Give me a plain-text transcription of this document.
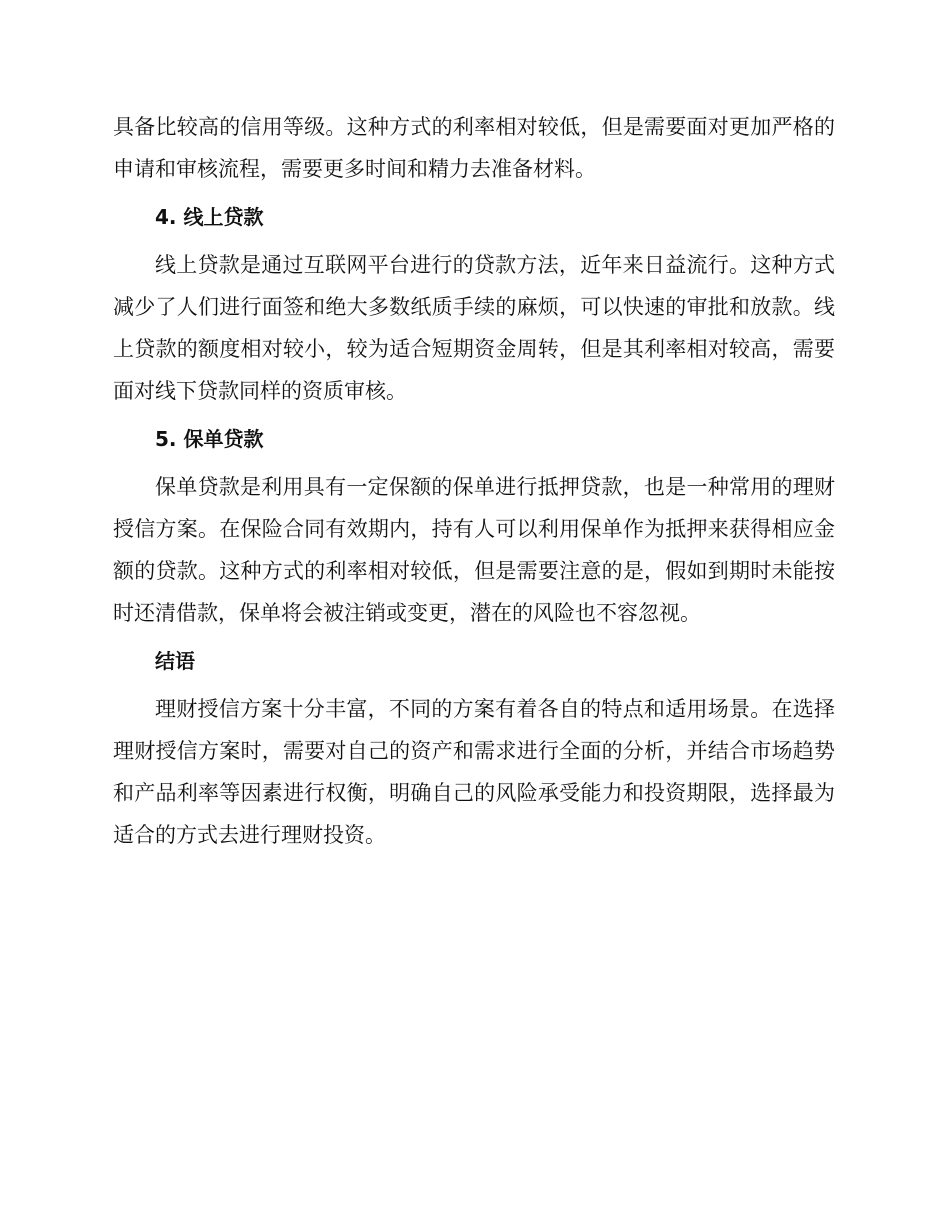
具备比较高的信用等级。这种方式的利率相对较低，但是需要面对更加严格的申请和审核流程，需要更多时间和精力去准备材料。

4. 线上贷款

线上贷款是通过互联网平台进行的贷款方法，近年来日益流行。这种方式减少了人们进行面签和绝大多数纸质手续的麻烦，可以快速的审批和放款。线上贷款的额度相对较小，较为适合短期资金周转，但是其利率相对较高，需要面对线下贷款同样的资质审核。

5. 保单贷款

保单贷款是利用具有一定保额的保单进行抵押贷款，也是一种常用的理财授信方案。在保险合同有效期内，持有人可以利用保单作为抵押来获得相应金额的贷款。这种方式的利率相对较低，但是需要注意的是，假如到期时未能按时还清借款，保单将会被注销或变更，潜在的风险也不容忽视。

结语

理财授信方案十分丰富，不同的方案有着各自的特点和适用场景。在选择理财授信方案时，需要对自己的资产和需求进行全面的分析，并结合市场趋势和产品利率等因素进行权衡，明确自己的风险承受能力和投资期限，选择最为适合的方式去进行理财投资。
